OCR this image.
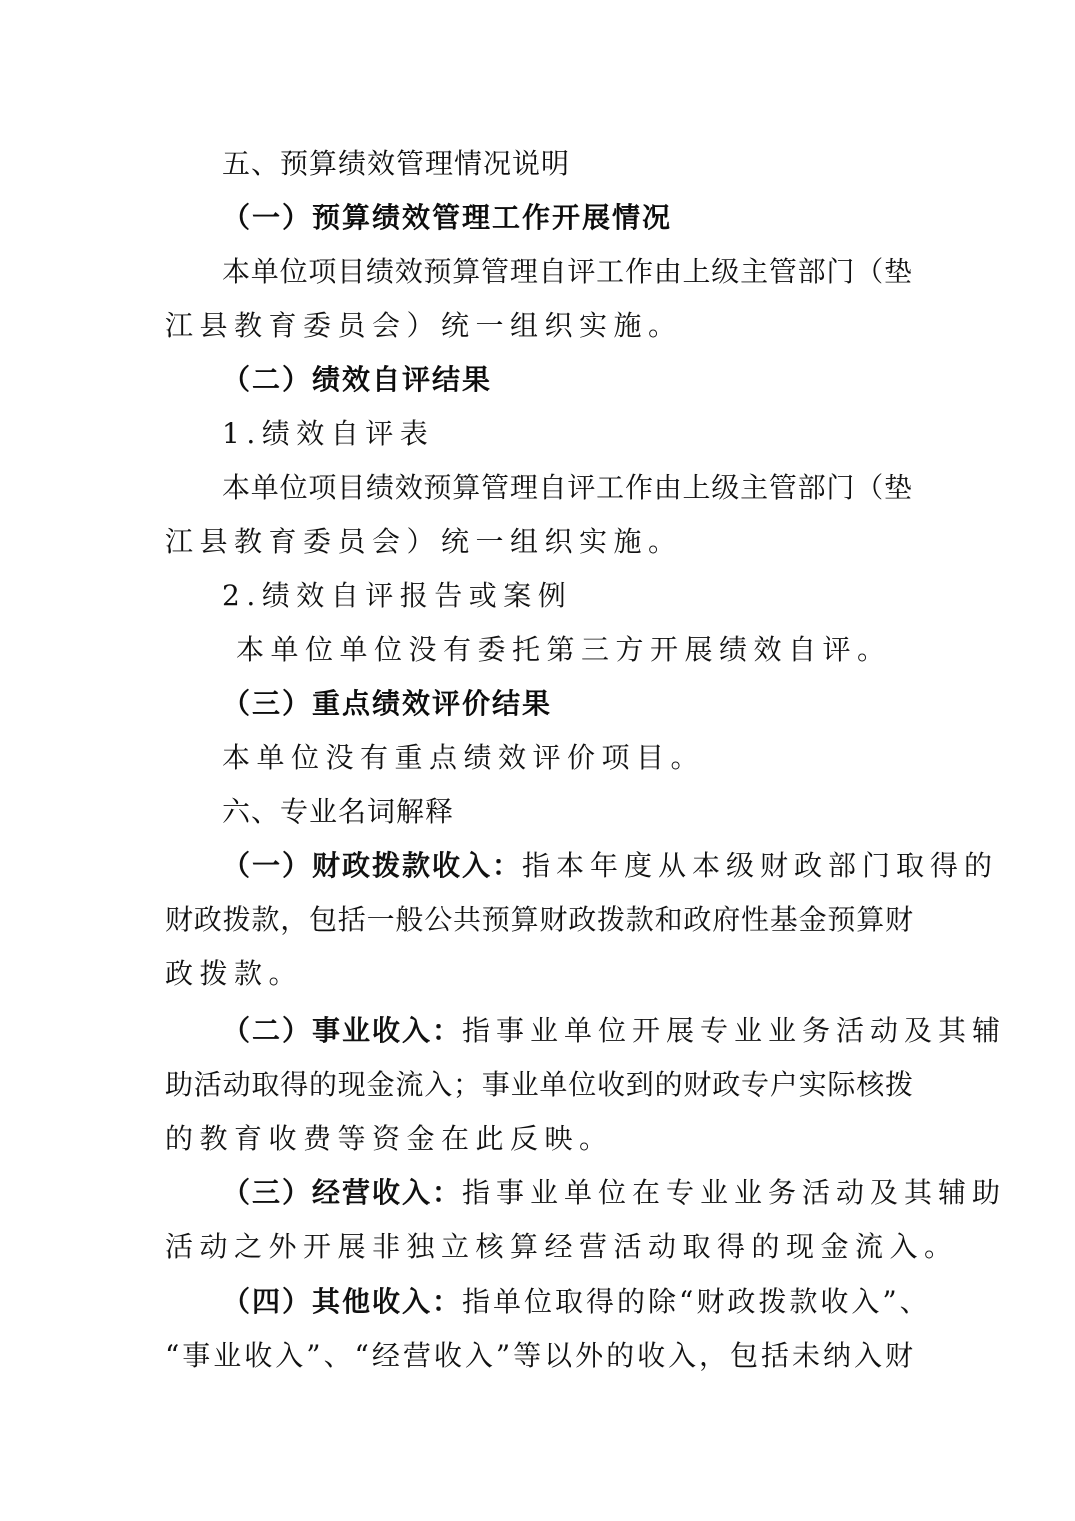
五、预算绩效管理情况说明
（一）预算绩效管理工作开展情况
本单位项目绩效预算管理自评工作由上级主管部门（垫
江县教育委员会）统一组织实施。
（二）绩效自评结果
1.绩效自评表
本单位项目绩效预算管理自评工作由上级主管部门（垫
江县教育委员会）统一组织实施。
2.绩效自评报告或案例
本单位单位没有委托第三方开展绩效自评。
（三）重点绩效评价结果
本单位没有重点绩效评价项目。
六、专业名词解释
（一）财政拨款收入： 指本年度从本级财政部门取得的
财政拨款，包括一般公共预算财政拨款和政府性基金预算财
政拨款。
（二）事业收入： 指事业单位开展专业业务活动及其辅
助活动取得的现金流入；事业单位收到的财政专户实际核拨
的教育收费等资金在此反映。
（三）经营收入： 指事业单位在专业业务活动及其辅助
活动之外开展非独立核算经营活动取得的现金流入。
（四）其他收入： 指单位取得的除“财政拨款收入”、
“事业收入”、“经营收入”等以外的收入，包括未纳入财
